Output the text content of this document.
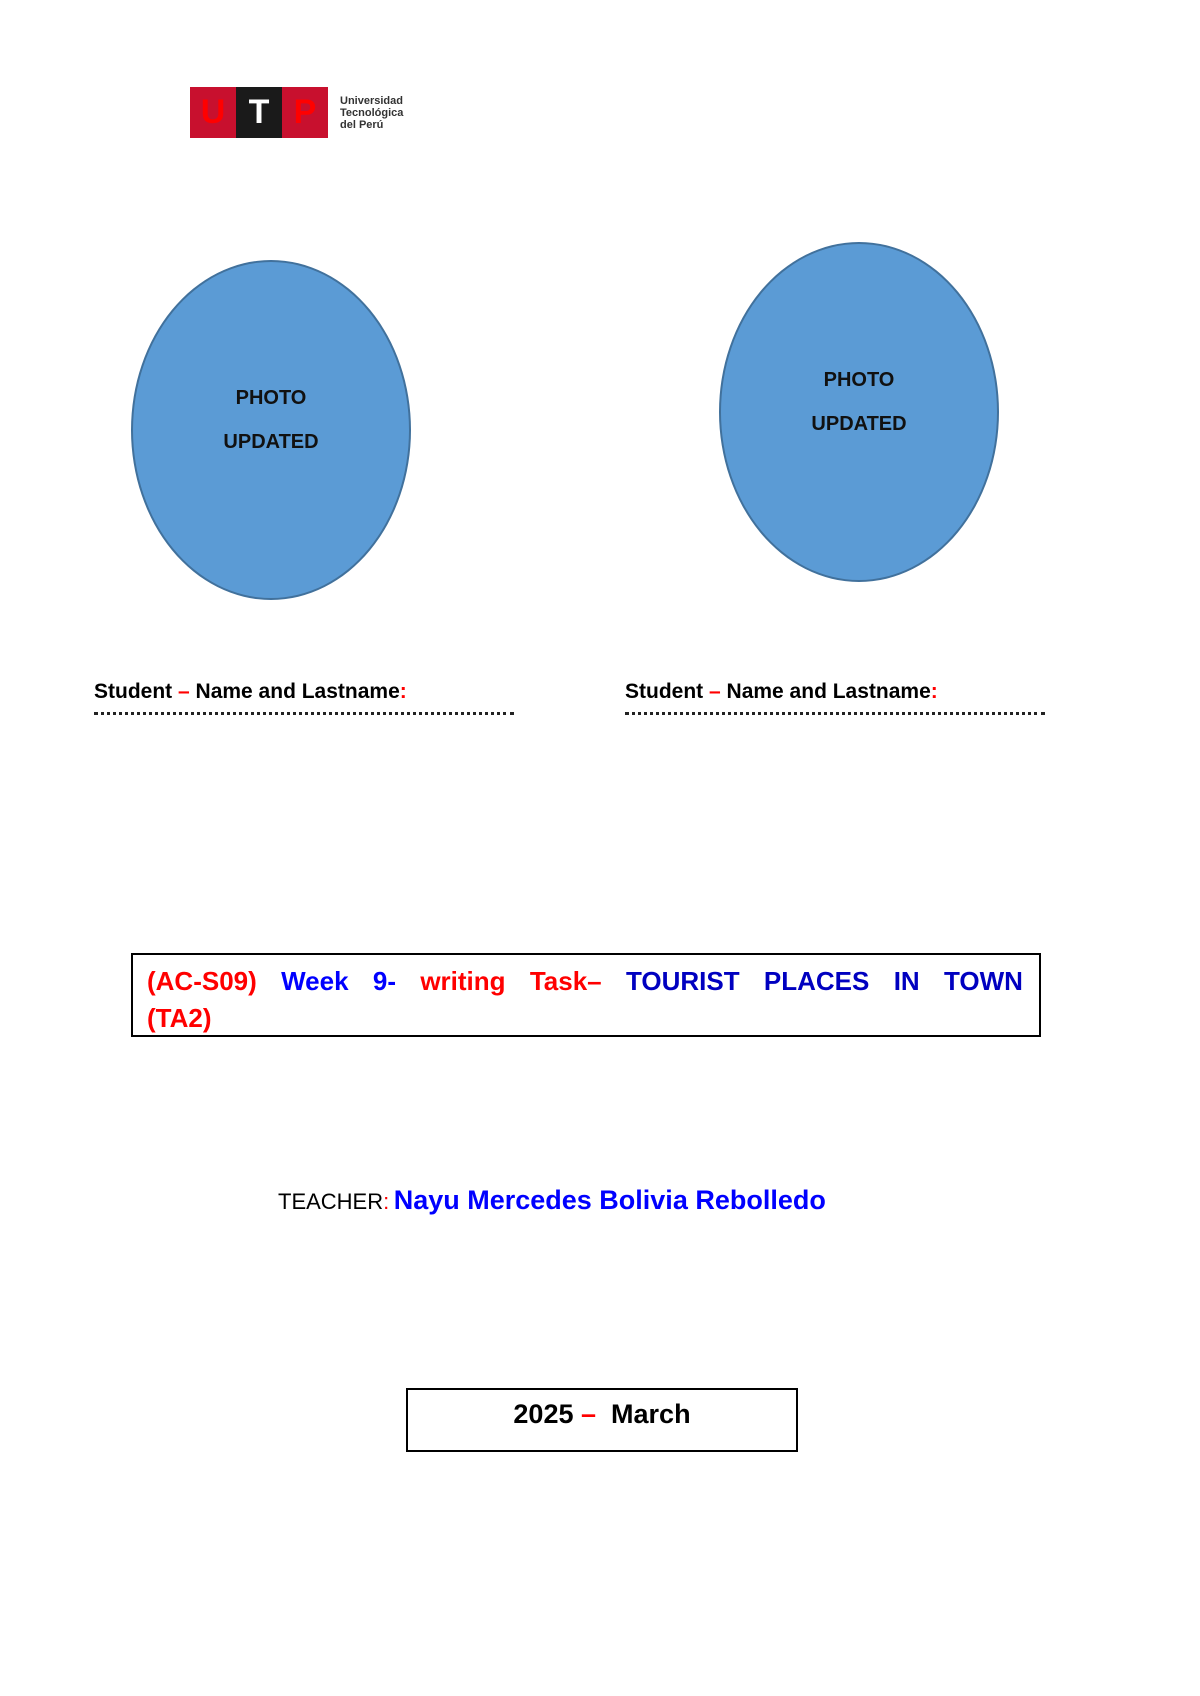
U T P	Universidad
Tecnológica
del Perú
PHOTO
UPDATED
PHOTO
UPDATED
Student – Name and Lastname:	Student – Name and Lastname:
(AC-S09) Week 9- writing Task– TOURIST PLACES IN TOWN
(TA2)
TEACHER: Nayu Mercedes Bolivia Rebolledo
2025 – March
